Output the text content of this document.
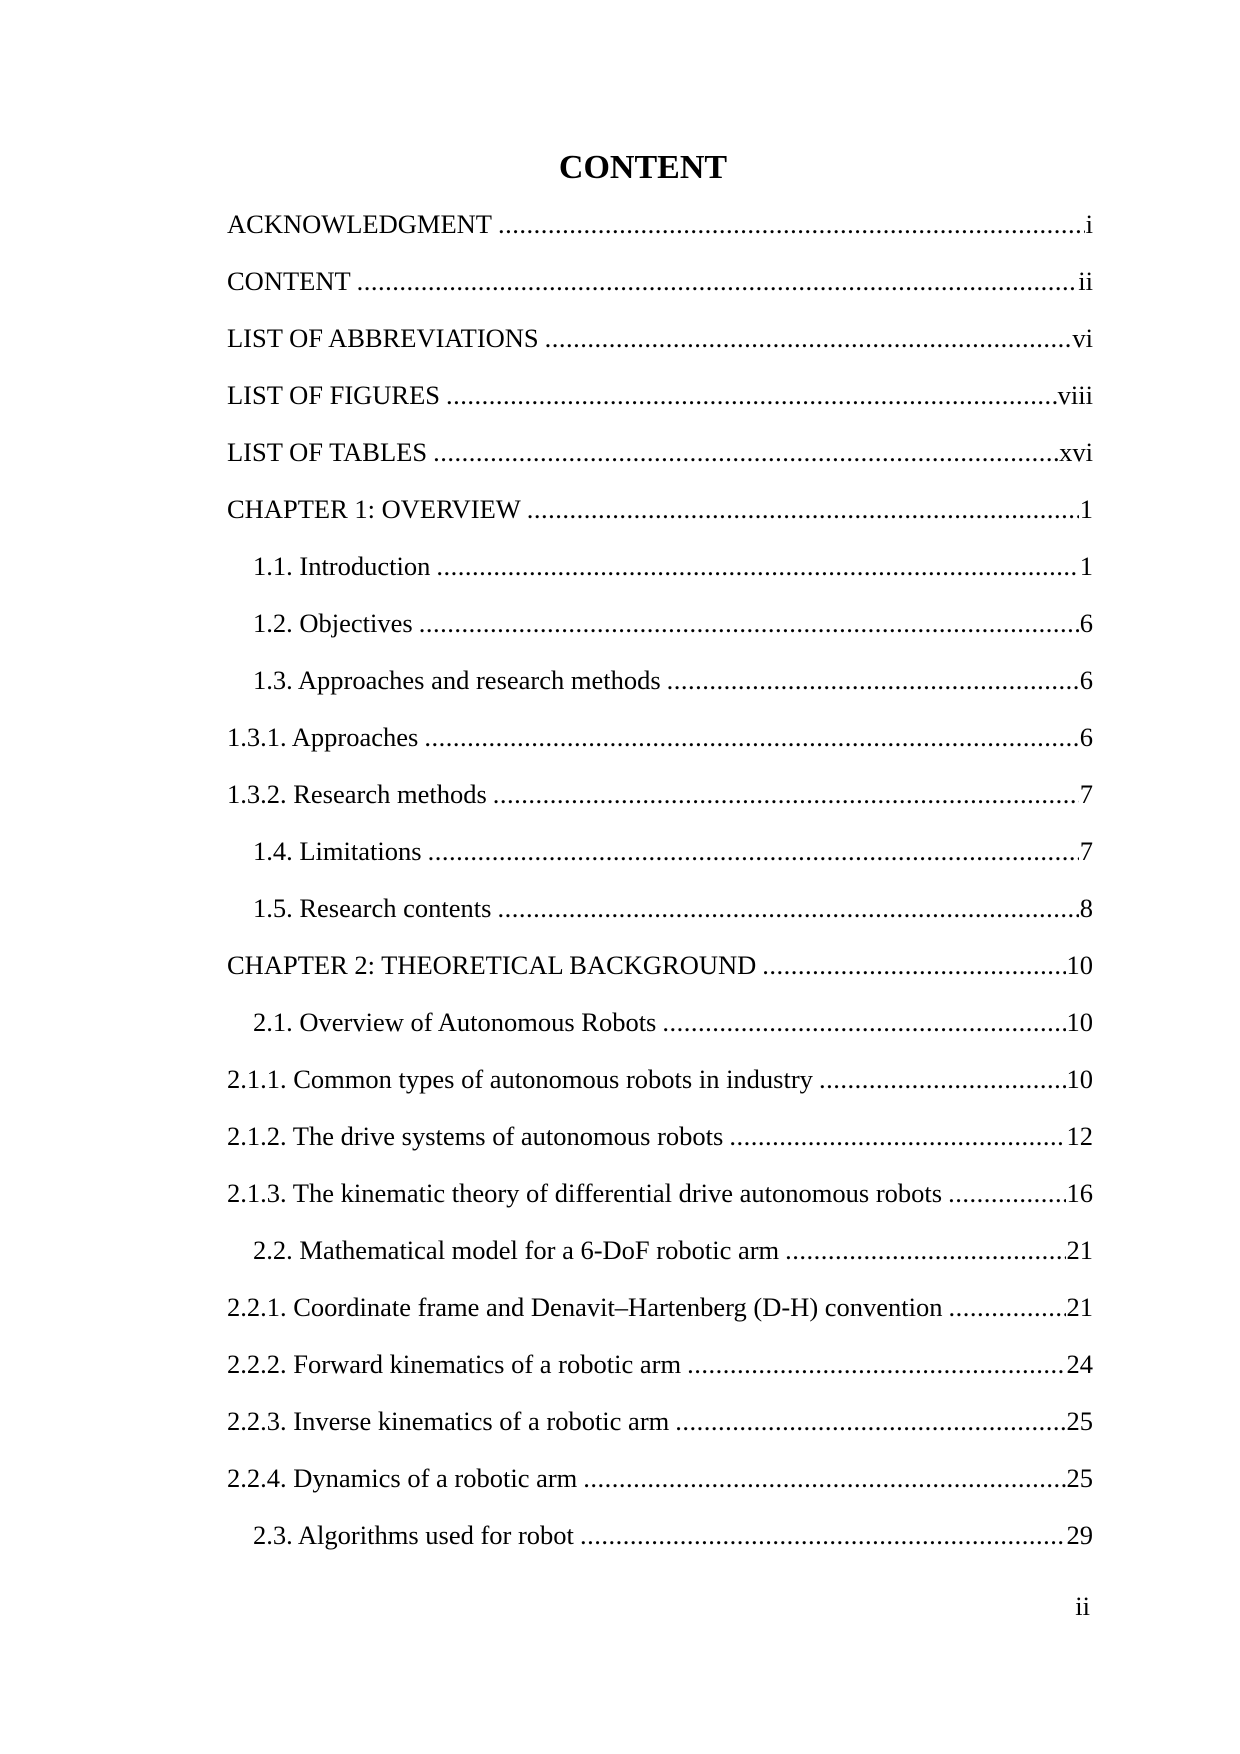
CONTENT
ACKNOWLEDGMENT .....	i
CONTENT .....	ii
LIST OF ABBREVIATIONS .....	vi
LIST OF FIGURES .....	viii
LIST OF TABLES .....	xvi
CHAPTER 1: OVERVIEW .....	1
1.1. Introduction .....	1
1.2. Objectives .....	6
1.3. Approaches and research methods .....	6
1.3.1. Approaches .....	6
1.3.2. Research methods .....	7
1.4. Limitations .....	7
1.5. Research contents .....	8
CHAPTER 2: THEORETICAL BACKGROUND .....	10
2.1. Overview of Autonomous Robots .....	10
2.1.1. Common types of autonomous robots in industry .....	10
2.1.2. The drive systems of autonomous robots .....	12
2.1.3. The kinematic theory of differential drive autonomous robots .....	16
2.2. Mathematical model for a 6-DoF robotic arm .....	21
2.2.1. Coordinate frame and Denavit–Hartenberg (D-H) convention .....	21
2.2.2. Forward kinematics of a robotic arm .....	24
2.2.3. Inverse kinematics of a robotic arm .....	25
2.2.4. Dynamics of a robotic arm .....	25
2.3. Algorithms used for robot .....	29
ii
